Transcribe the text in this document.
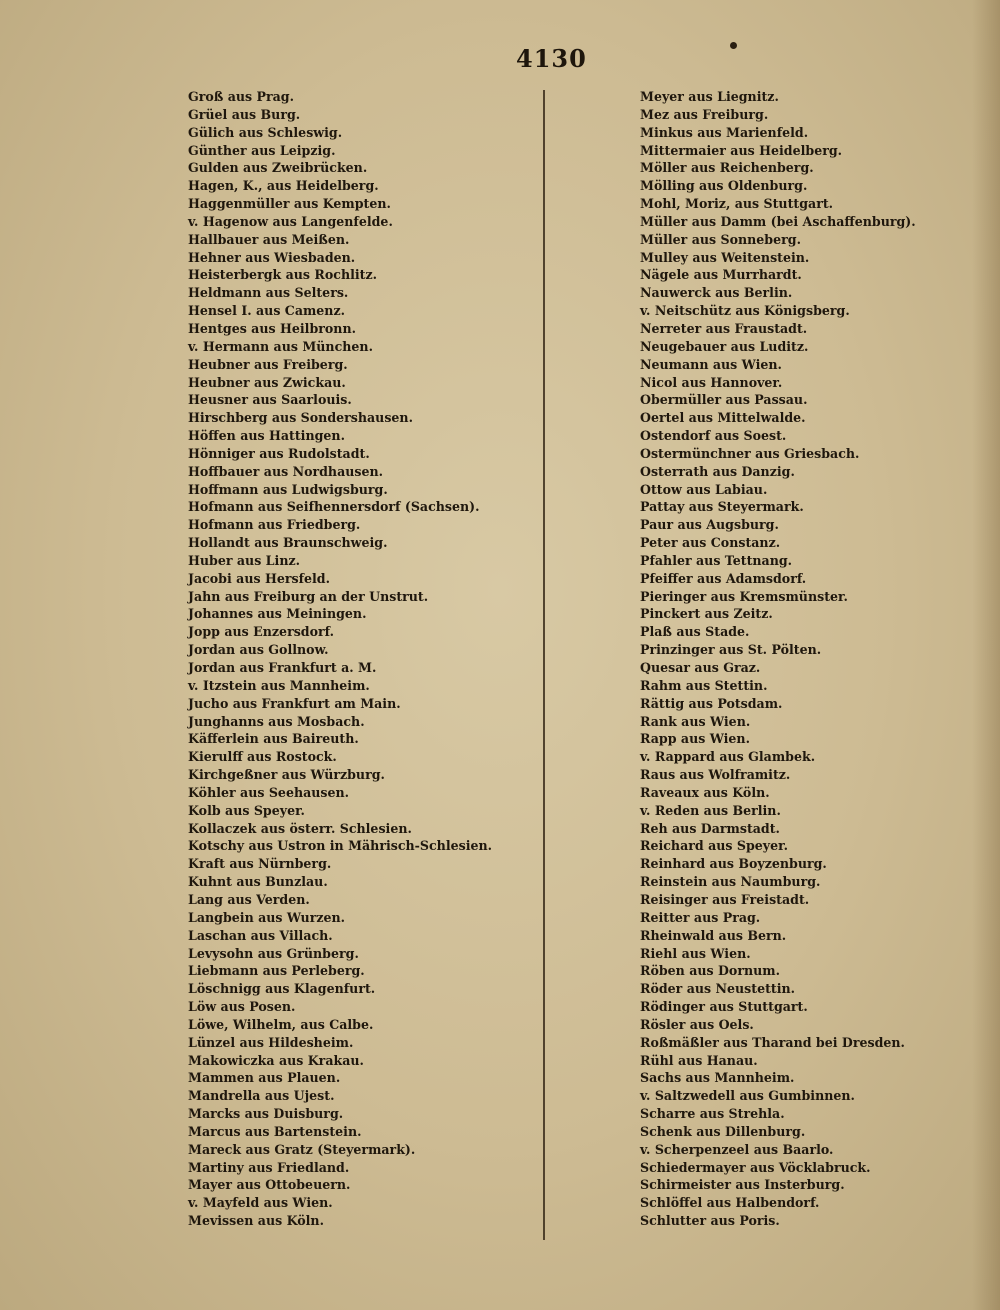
4130
Groß aus Prag.
Grüel aus Burg.
Gülich aus Schleswig.
Günther aus Leipzig.
Gulden aus Zweibrücken.
Hagen, K., aus Heidelberg.
Haggenmüller aus Kempten.
v. Hagenow aus Langenfelde.
Hallbauer aus Meißen.
Hehner aus Wiesbaden.
Heisterbergk aus Rochlitz.
Heldmann aus Selters.
Hensel I. aus Camenz.
Hentges aus Heilbronn.
v. Hermann aus München.
Heubner aus Freiberg.
Heubner aus Zwickau.
Heusner aus Saarlouis.
Hirschberg aus Sondershausen.
Höffen aus Hattingen.
Hönniger aus Rudolstadt.
Hoffbauer aus Nordhausen.
Hoffmann aus Ludwigsburg.
Hofmann aus Seifhennersdorf (Sachsen).
Hofmann aus Friedberg.
Hollandt aus Braunschweig.
Huber aus Linz.
Jacobi aus Hersfeld.
Jahn aus Freiburg an der Unstrut.
Johannes aus Meiningen.
Jopp aus Enzersdorf.
Jordan aus Gollnow.
Jordan aus Frankfurt a. M.
v. Itzstein aus Mannheim.
Jucho aus Frankfurt am Main.
Junghanns aus Mosbach.
Käfferlein aus Baireuth.
Kierulff aus Rostock.
Kirchgeßner aus Würzburg.
Köhler aus Seehausen.
Kolb aus Speyer.
Kollaczek aus österr. Schlesien.
Kotschy aus Ustron in Mährisch-Schlesien.
Kraft aus Nürnberg.
Kuhnt aus Bunzlau.
Lang aus Verden.
Langbein aus Wurzen.
Laschan aus Villach.
Levysohn aus Grünberg.
Liebmann aus Perleberg.
Löschnigg aus Klagenfurt.
Löw aus Posen.
Löwe, Wilhelm, aus Calbe.
Lünzel aus Hildesheim.
Makowiczka aus Krakau.
Mammen aus Plauen.
Mandrella aus Ujest.
Marcks aus Duisburg.
Marcus aus Bartenstein.
Mareck aus Gratz (Steyermark).
Martiny aus Friedland.
Mayer aus Ottobeuern.
v. Mayfeld aus Wien.
Mevissen aus Köln.
Meyer aus Liegnitz.
Mez aus Freiburg.
Minkus aus Marienfeld.
Mittermaier aus Heidelberg.
Möller aus Reichenberg.
Mölling aus Oldenburg.
Mohl, Moriz, aus Stuttgart.
Müller aus Damm (bei Aschaffenburg).
Müller aus Sonneberg.
Mulley aus Weitenstein.
Nägele aus Murrhardt.
Nauwerck aus Berlin.
v. Neitschütz aus Königsberg.
Nerreter aus Fraustadt.
Neugebauer aus Luditz.
Neumann aus Wien.
Nicol aus Hannover.
Obermüller aus Passau.
Oertel aus Mittelwalde.
Ostendorf aus Soest.
Ostermünchner aus Griesbach.
Osterrath aus Danzig.
Ottow aus Labiau.
Pattay aus Steyermark.
Paur aus Augsburg.
Peter aus Constanz.
Pfahler aus Tettnang.
Pfeiffer aus Adamsdorf.
Pieringer aus Kremsmünster.
Pinckert aus Zeitz.
Plaß aus Stade.
Prinzinger aus St. Pölten.
Quesar aus Graz.
Rahm aus Stettin.
Rättig aus Potsdam.
Rank aus Wien.
Rapp aus Wien.
v. Rappard aus Glambek.
Raus aus Wolframitz.
Raveaux aus Köln.
v. Reden aus Berlin.
Reh aus Darmstadt.
Reichard aus Speyer.
Reinhard aus Boyzenburg.
Reinstein aus Naumburg.
Reisinger aus Freistadt.
Reitter aus Prag.
Rheinwald aus Bern.
Riehl aus Wien.
Röben aus Dornum.
Röder aus Neustettin.
Rödinger aus Stuttgart.
Rösler aus Oels.
Roßmäßler aus Tharand bei Dresden.
Rühl aus Hanau.
Sachs aus Mannheim.
v. Saltzwedell aus Gumbinnen.
Scharre aus Strehla.
Schenk aus Dillenburg.
v. Scherpenzeel aus Baarlo.
Schiedermayer aus Vöcklabruck.
Schirmeister aus Insterburg.
Schlöffel aus Halbendorf.
Schlutter aus Poris.
